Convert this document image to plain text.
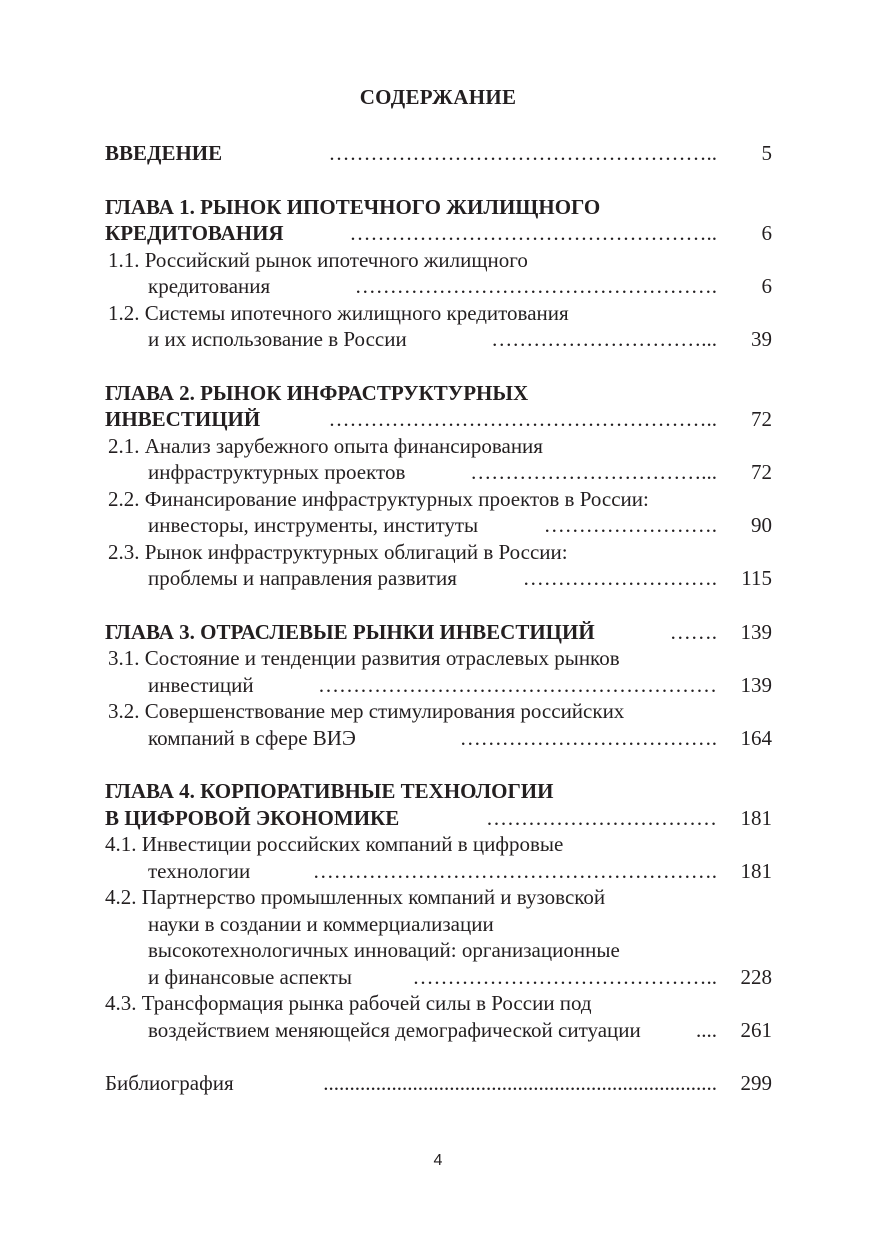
СОДЕРЖАНИЕ
ВВЕДЕНИЕ	………………………………………………..	5
ГЛАВА 1. РЫНОК ИПОТЕЧНОГО ЖИЛИЩНОГО
КРЕДИТОВАНИЯ	……………………………………………..	6
1.1. Российский рынок ипотечного жилищного
кредитования	…………………………………………….	6
1.2. Системы ипотечного жилищного кредитования
и их использование в России	…………………………...	39
ГЛАВА 2. РЫНОК ИНФРАСТРУКТУРНЫХ
ИНВЕСТИЦИЙ	………………………………………………..	72
2.1. Анализ зарубежного опыта финансирования
инфраструктурных проектов	……………………………...	72
2.2. Финансирование инфраструктурных проектов в России:
инвесторы, инструменты, институты	…………………….	90
2.3. Рынок инфраструктурных облигаций в России:
проблемы и направления развития	……………………….	115
ГЛАВА 3. ОТРАСЛЕВЫЕ РЫНКИ ИНВЕСТИЦИЙ	…….	139
3.1. Состояние и тенденции развития отраслевых рынков
инвестиций	…………………………………………………	139
3.2. Совершенствование мер стимулирования российских
компаний в сфере ВИЭ	……………………………….	164
ГЛАВА 4. КОРПОРАТИВНЫЕ ТЕХНОЛОГИИ
В ЦИФРОВОЙ ЭКОНОМИКЕ	……………………………	181
4.1. Инвестиции российских компаний в цифровые
технологии	………………………………………………….	181
4.2. Партнерство промышленных компаний и вузовской
науки в создании и коммерциализации
высокотехнологичных инноваций: организационные
и финансовые аспекты	……………………………………..	228
4.3. Трансформация рынка рабочей силы в России под
воздействием меняющейся демографической ситуации	....	261
Библиография	...........................................................................	299
4
